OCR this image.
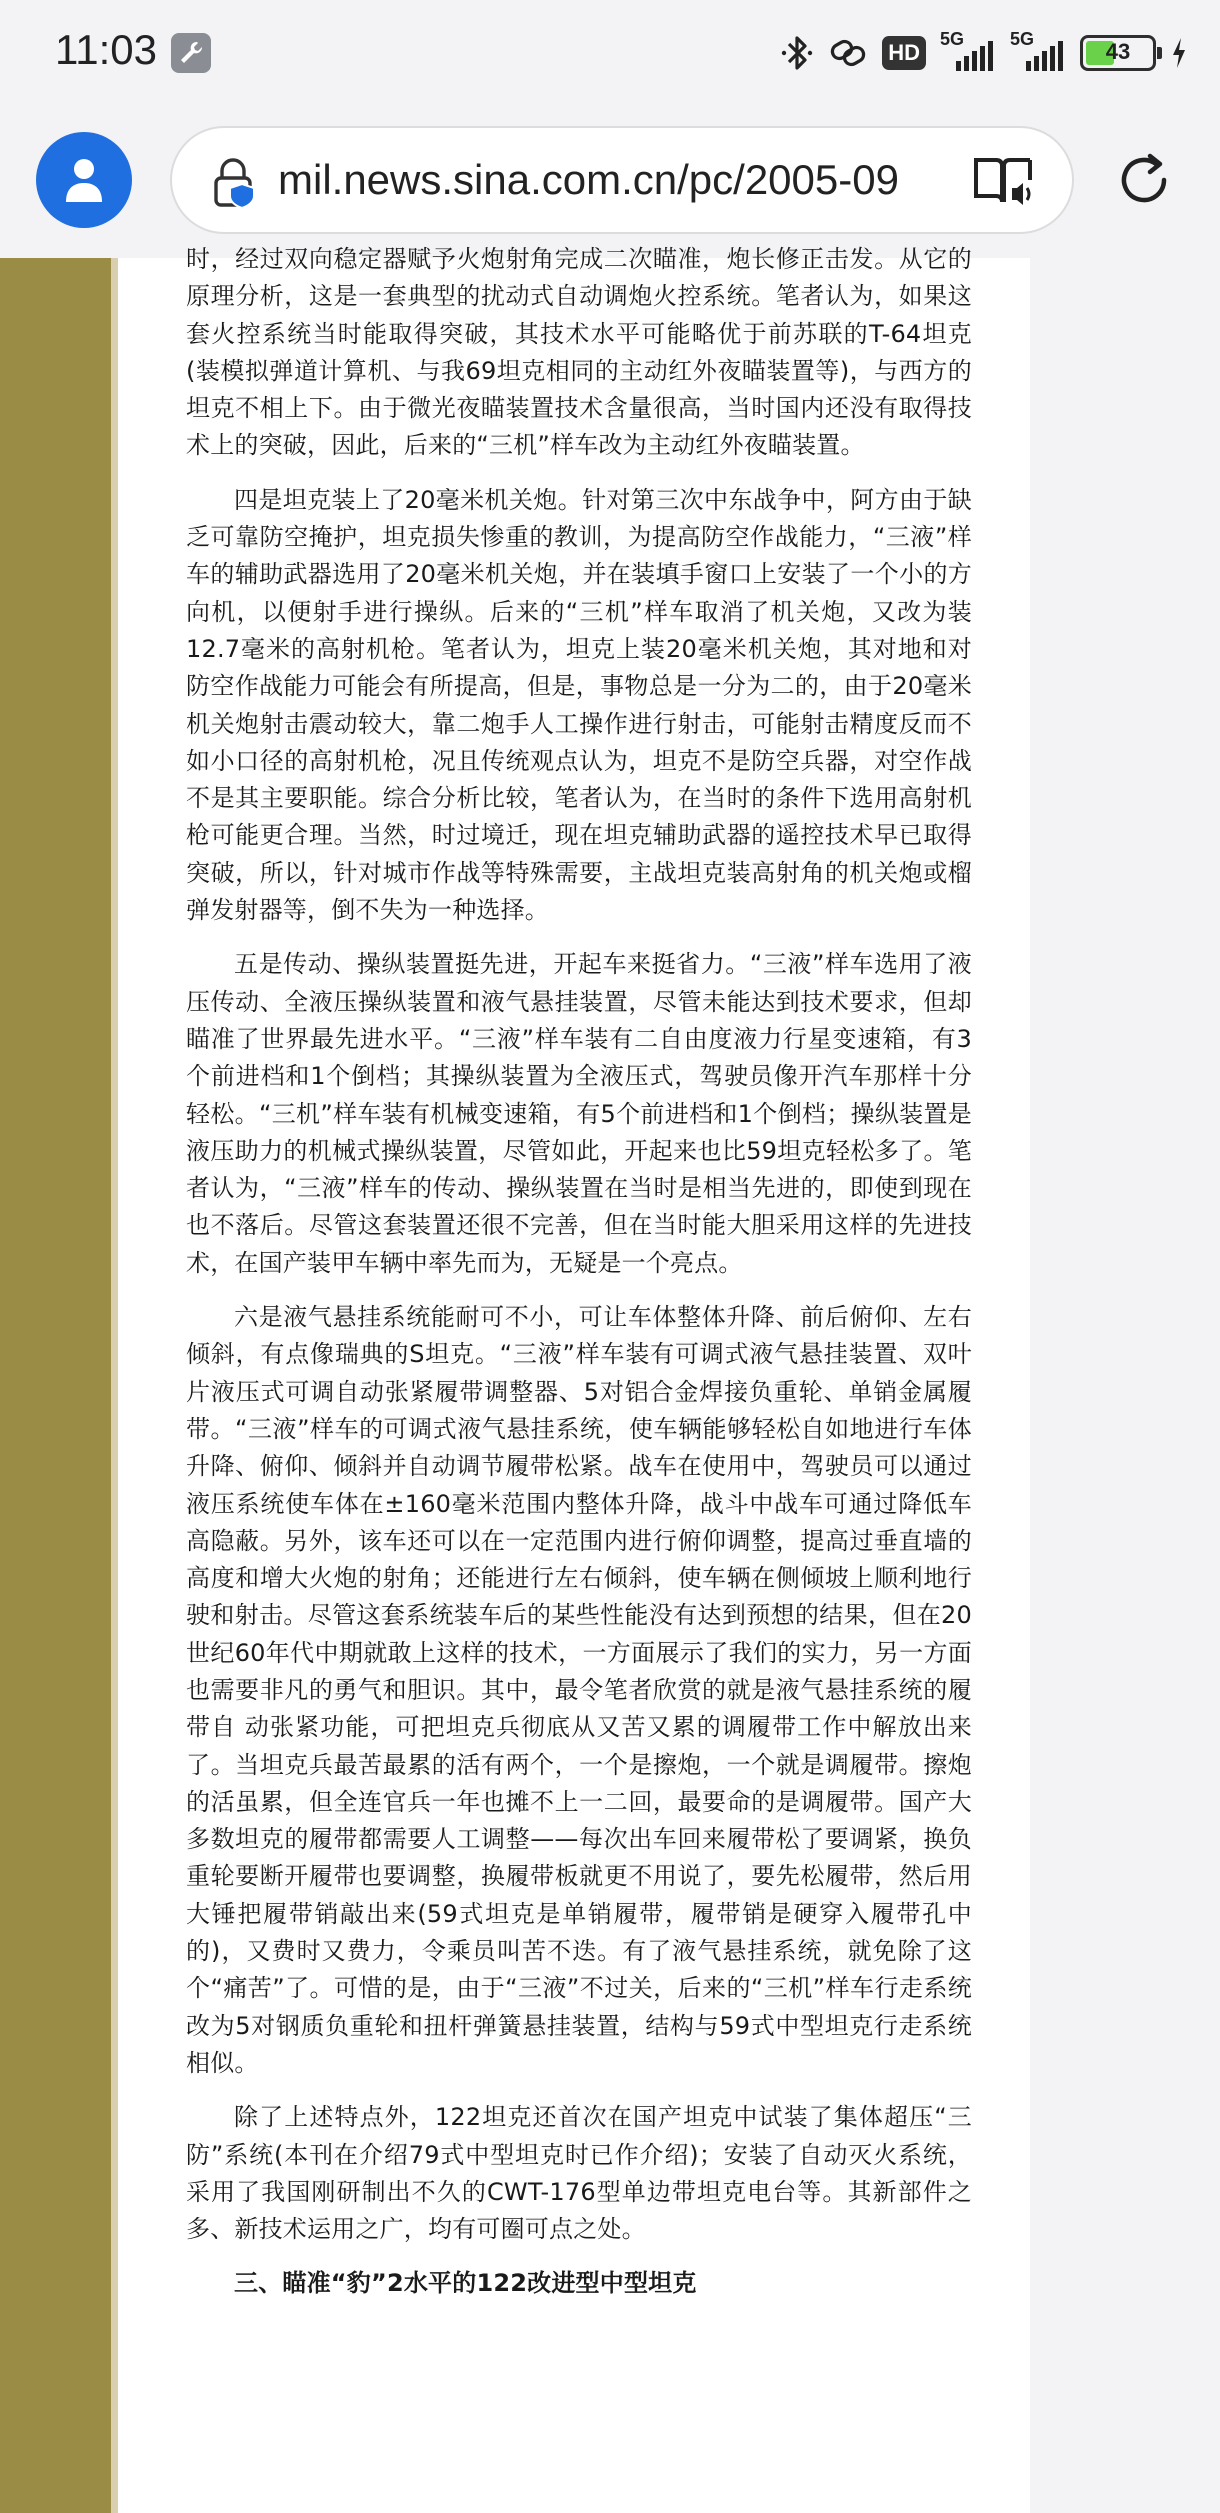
11:03	HD
5G	5G	43
mil.news.sina.com.cn/pc/2005-09

时，经过双向稳定器赋予火炮射角完成二次瞄准，炮长修正击发。从它的原理分析，这是一套典型的扰动式自动调炮火控系统。笔者认为，如果这套火控系统当时能取得突破，其技术水平可能略优于前苏联的T-64坦克(装模拟弹道计算机、与我69坦克相同的主动红外夜瞄装置等)，与西方的坦克不相上下。由于微光夜瞄装置技术含量很高，当时国内还没有取得技术上的突破，因此，后来的“三机”样车改为主动红外夜瞄装置。

四是坦克装上了20毫米机关炮。针对第三次中东战争中，阿方由于缺乏可靠防空掩护，坦克损失惨重的教训，为提高防空作战能力，“三液”样车的辅助武器选用了20毫米机关炮，并在装填手窗口上安装了一个小的方向机，以便射手进行操纵。后来的“三机”样车取消了机关炮，又改为装12.7毫米的高射机枪。笔者认为，坦克上装20毫米机关炮，其对地和对防空作战能力可能会有所提高，但是，事物总是一分为二的，由于20毫米机关炮射击震动较大，靠二炮手人工操作进行射击，可能射击精度反而不如小口径的高射机枪，况且传统观点认为，坦克不是防空兵器，对空作战不是其主要职能。综合分析比较，笔者认为，在当时的条件下选用高射机枪可能更合理。当然，时过境迁，现在坦克辅助武器的遥控技术早已取得突破，所以，针对城市作战等特殊需要，主战坦克装高射角的机关炮或榴弹发射器等，倒不失为一种选择。

五是传动、操纵装置挺先进，开起车来挺省力。“三液”样车选用了液压传动、全液压操纵装置和液气悬挂装置，尽管未能达到技术要求，但却瞄准了世界最先进水平。“三液”样车装有二自由度液力行星变速箱，有3个前进档和1个倒档；其操纵装置为全液压式，驾驶员像开汽车那样十分轻松。“三机”样车装有机械变速箱，有5个前进档和1个倒档；操纵装置是液压助力的机械式操纵装置，尽管如此，开起来也比59坦克轻松多了。笔者认为，“三液”样车的传动、操纵装置在当时是相当先进的，即使到现在也不落后。尽管这套装置还很不完善，但在当时能大胆采用这样的先进技术，在国产装甲车辆中率先而为，无疑是一个亮点。

六是液气悬挂系统能耐可不小，可让车体整体升降、前后俯仰、左右倾斜，有点像瑞典的S坦克。“三液”样车装有可调式液气悬挂装置、双叶片液压式可调自动张紧履带调整器、5对铝合金焊接负重轮、单销金属履带。“三液”样车的可调式液气悬挂系统，使车辆能够轻松自如地进行车体升降、俯仰、倾斜并自动调节履带松紧。战车在使用中，驾驶员可以通过液压系统使车体在±160毫米范围内整体升降，战斗中战车可通过降低车高隐蔽。另外，该车还可以在一定范围内进行俯仰调整，提高过垂直墙的高度和增大火炮的射角；还能进行左右倾斜，使车辆在侧倾坡上顺利地行驶和射击。尽管这套系统装车后的某些性能没有达到预想的结果，但在20世纪60年代中期就敢上这样的技术，一方面展示了我们的实力，另一方面也需要非凡的勇气和胆识。其中，最令笔者欣赏的就是液气悬挂系统的履带自 动张紧功能，可把坦克兵彻底从又苦又累的调履带工作中解放出来了。当坦克兵最苦最累的活有两个，一个是擦炮，一个就是调履带。擦炮的活虽累，但全连官兵一年也摊不上一二回，最要命的是调履带。国产大多数坦克的履带都需要人工调整——每次出车回来履带松了要调紧，换负重轮要断开履带也要调整，换履带板就更不用说了，要先松履带，然后用大锤把履带销敲出来(59式坦克是单销履带，履带销是硬穿入履带孔中的)，又费时又费力，令乘员叫苦不迭。有了液气悬挂系统，就免除了这个“痛苦”了。可惜的是，由于“三液”不过关，后来的“三机”样车行走系统改为5对钢质负重轮和扭杆弹簧悬挂装置，结构与59式中型坦克行走系统相似。

除了上述特点外，122坦克还首次在国产坦克中试装了集体超压“三防”系统(本刊在介绍79式中型坦克时已作介绍)；安装了自动灭火系统，采用了我国刚研制出不久的CWT-176型单边带坦克电台等。其新部件之多、新技术运用之广，均有可圈可点之处。

三、瞄准“豹”2水平的122改进型中型坦克
